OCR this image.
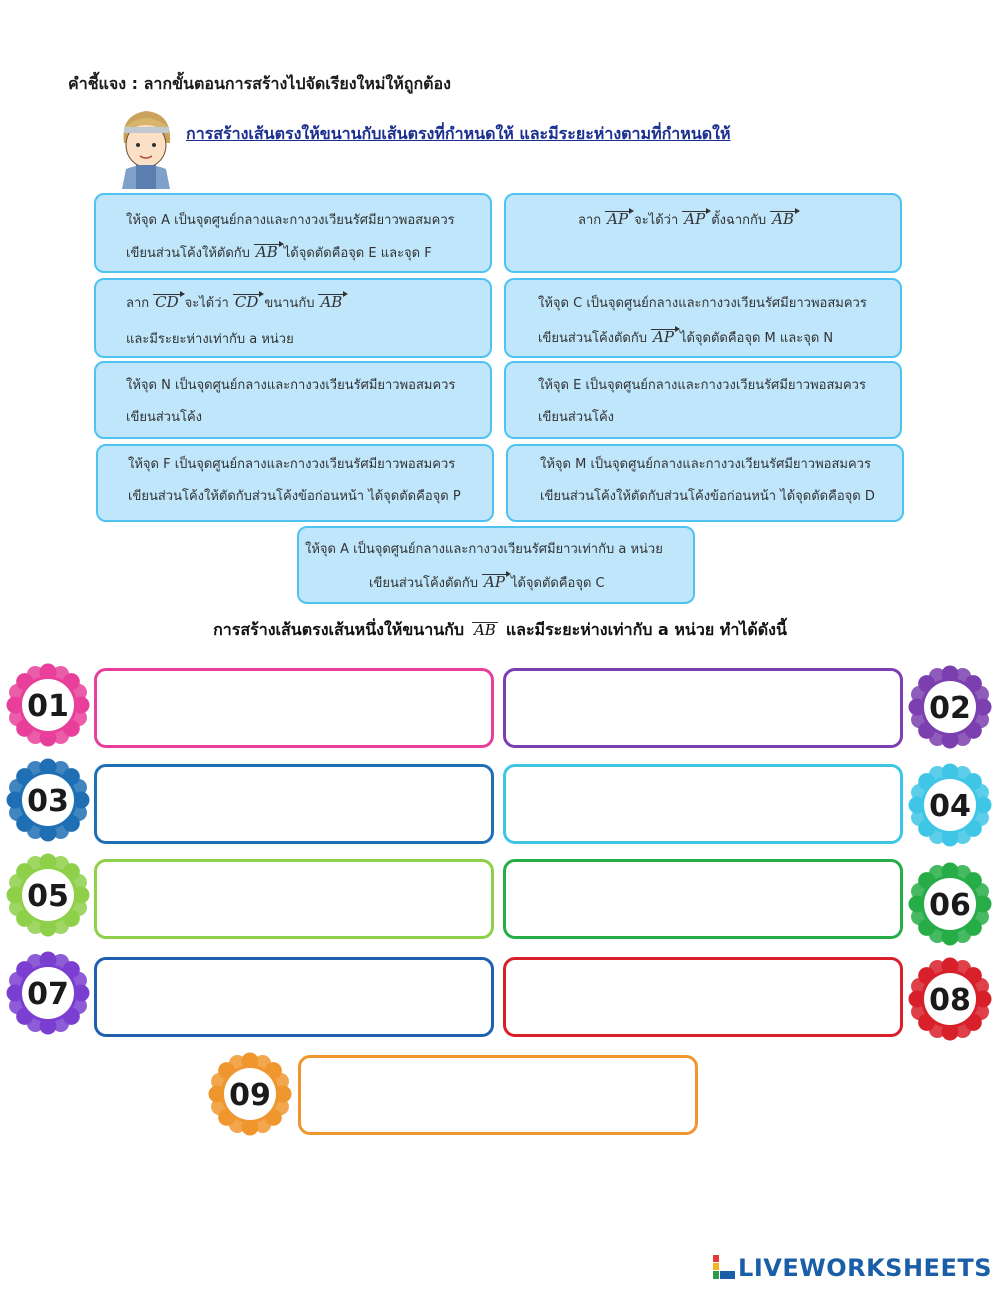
คำชี้แจง : ลากขั้นตอนการสร้างไปจัดเรียงใหม่ให้ถูกต้อง
การสร้างเส้นตรงให้ขนานกับเส้นตรงที่กำหนดให้ และมีระยะห่างตามที่กำหนดให้
ให้จุด A เป็นจุดศูนย์กลางและกางวงเวียนรัศมียาวพอสมควร
เขียนส่วนโค้งให้ตัดกับ AB ได้จุดตัดคือจุด E และจุด F
ลาก AP จะได้ว่า AP ตั้งฉากกับ AB
ลาก CD จะได้ว่า CD ขนานกับ AB
และมีระยะห่างเท่ากับ a หน่วย
ให้จุด C เป็นจุดศูนย์กลางและกางวงเวียนรัศมียาวพอสมควร
เขียนส่วนโค้งตัดกับ AP ได้จุดตัดคือจุด M และจุด N
ให้จุด N เป็นจุดศูนย์กลางและกางวงเวียนรัศมียาวพอสมควร
เขียนส่วนโค้ง
ให้จุด E เป็นจุดศูนย์กลางและกางวงเวียนรัศมียาวพอสมควร
เขียนส่วนโค้ง
ให้จุด F เป็นจุดศูนย์กลางและกางวงเวียนรัศมียาวพอสมควร
เขียนส่วนโค้งให้ตัดกับส่วนโค้งข้อก่อนหน้า ได้จุดตัดคือจุด P
ให้จุด M เป็นจุดศูนย์กลางและกางวงเวียนรัศมียาวพอสมควร
เขียนส่วนโค้งให้ตัดกับส่วนโค้งข้อก่อนหน้า ได้จุดตัดคือจุด D
ให้จุด A เป็นจุดศูนย์กลางและกางวงเวียนรัศมียาวเท่ากับ a หน่วย
เขียนส่วนโค้งตัดกับ AP ได้จุดตัดคือจุด C
การสร้างเส้นตรงเส้นหนึ่งให้ขนานกับ AB และมีระยะห่างเท่ากับ a หน่วย ทำได้ดังนี้
01	02
03	04
05	06
07	08
09
LIVEWORKSHEETS
